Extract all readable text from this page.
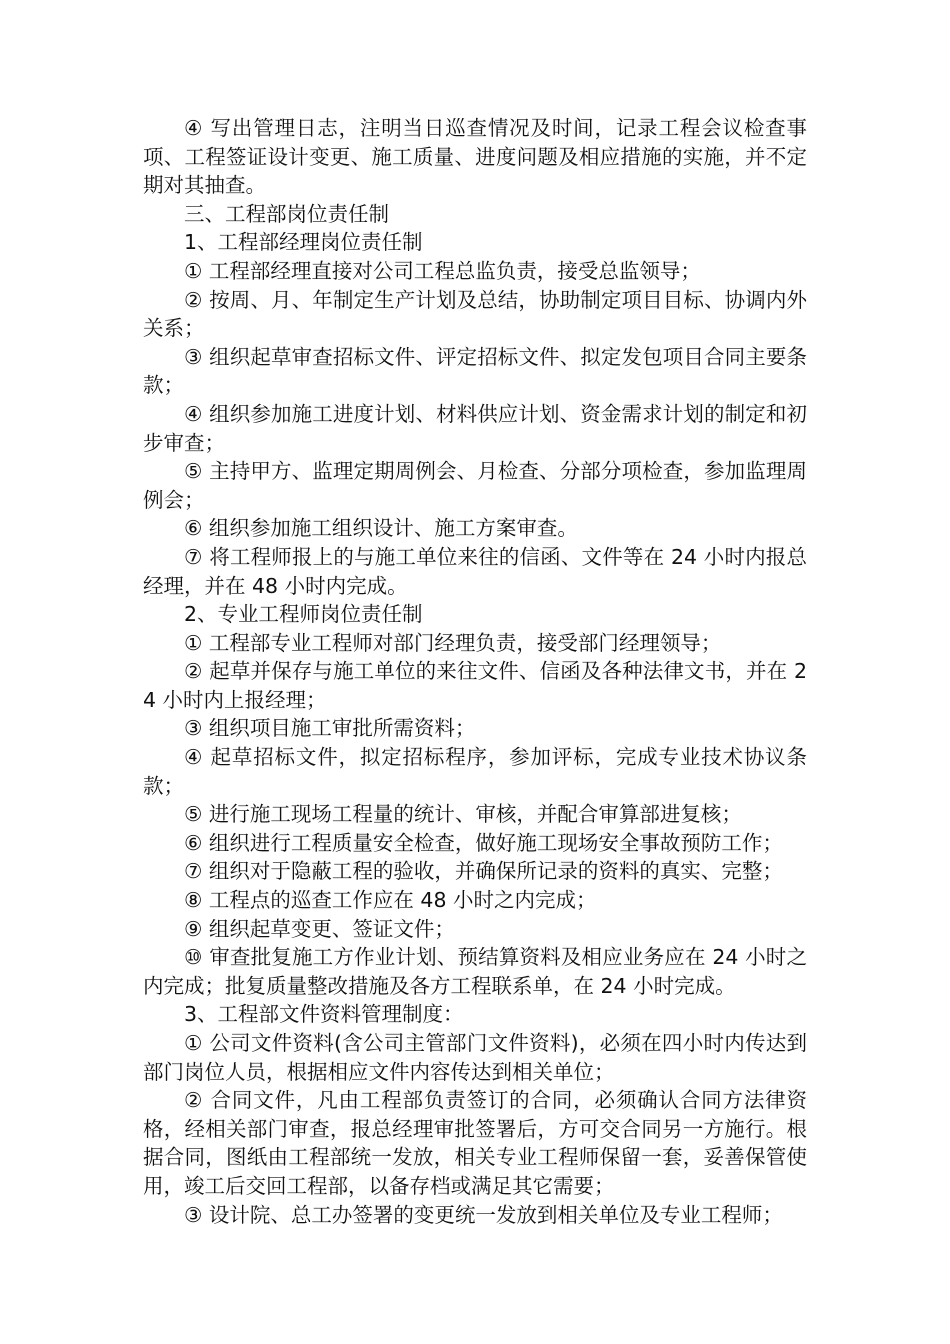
④ 写出管理日志，注明当日巡查情况及时间，记录工程会议检查事项、工程签证设计变更、施工质量、进度问题及相应措施的实施，并不定期对其抽查。

三、工程部岗位责任制

1、工程部经理岗位责任制

① 工程部经理直接对公司工程总监负责，接受总监领导；

② 按周、月、年制定生产计划及总结，协助制定项目目标、协调内外关系；

③ 组织起草审查招标文件、评定招标文件、拟定发包项目合同主要条款；

④ 组织参加施工进度计划、材料供应计划、资金需求计划的制定和初步审查；

⑤ 主持甲方、监理定期周例会、月检查、分部分项检查，参加监理周例会；

⑥ 组织参加施工组织设计、施工方案审查。

⑦ 将工程师报上的与施工单位来往的信函、文件等在 24 小时内报总经理，并在 48 小时内完成。

2、专业工程师岗位责任制

① 工程部专业工程师对部门经理负责，接受部门经理领导；

② 起草并保存与施工单位的来往文件、信函及各种法律文书，并在 24 小时内上报经理；

③ 组织项目施工审批所需资料；

④ 起草招标文件，拟定招标程序，参加评标，完成专业技术协议条款；

⑤ 进行施工现场工程量的统计、审核，并配合审算部进复核；

⑥ 组织进行工程质量安全检查，做好施工现场安全事故预防工作；

⑦ 组织对于隐蔽工程的验收，并确保所记录的资料的真实、完整；

⑧ 工程点的巡查工作应在 48 小时之内完成；

⑨ 组织起草变更、签证文件；

⑩ 审查批复施工方作业计划、预结算资料及相应业务应在 24 小时之内完成；批复质量整改措施及各方工程联系单，在 24 小时完成。

3、工程部文件资料管理制度：

① 公司文件资料(含公司主管部门文件资料)，必须在四小时内传达到部门岗位人员，根据相应文件内容传达到相关单位；

② 合同文件，凡由工程部负责签订的合同，必须确认合同方法律资格，经相关部门审查，报总经理审批签署后，方可交合同另一方施行。根据合同，图纸由工程部统一发放，相关专业工程师保留一套，妥善保管使用，竣工后交回工程部，以备存档或满足其它需要；

③ 设计院、总工办签署的变更统一发放到相关单位及专业工程师；
